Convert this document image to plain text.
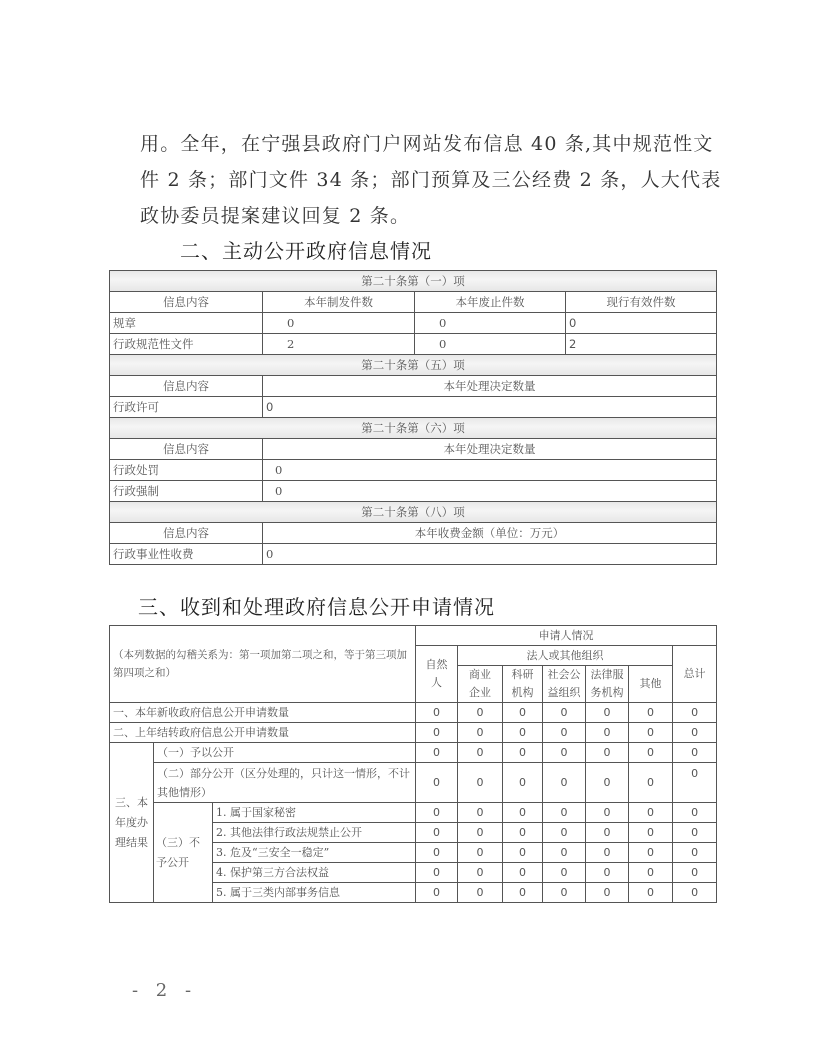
用。全年，在宁强县政府门户网站发布信息 40 条,其中规范性文

件 2 条；部门文件 34 条；部门预算及三公经费 2 条，人大代表

政协委员提案建议回复 2 条。

二、主动公开政府信息情况
第二十条第（一）项			
信息内容	本年制发件数	本年废止件数	现行有效件数
规章	0	0	0
行政规范性文件	2	0	2
第二十条第（五）项			
信息内容	本年处理决定数量		
行政许可	0		
第二十条第（六）项			
信息内容	本年处理决定数量		
行政处罚	0		
行政强制	0		
第二十条第（八）项			
信息内容	本年收费金额（单位：万元）		
行政事业性收费	0		
三、收到和处理政府信息公开申请情况
（本列数据的勾稽关系为：第一项加第二项之和，等于第三项加第四项之和）			申请人情况						
			自然人	法人或其他组织					总计
				商业企业	科研机构	社会公益组织	法律服务机构	其他	

一、本年新收政府信息公开申请数量			0	0	0	0	0	0	0
二、上年结转政府信息公开申请数量			0	0	0	0	0	0	0
三、本年度办理结果	（一）予以公开		0	0	0	0	0	0	0
	（二）部分公开（区分处理的，只计这一情形，不计其他情形）		0	0	0	0	0	0	0
	（三）不予公开	1. 属于国家秘密	0	0	0	0	0	0	0
		2. 其他法律行政法规禁止公开	0	0	0	0	0	0	0
		3. 危及“三安全一稳定”	0	0	0	0	0	0	0
		4. 保护第三方合法权益	0	0	0	0	0	0	0
		5. 属于三类内部事务信息	0	0	0	0	0	0	0
- 2 -
